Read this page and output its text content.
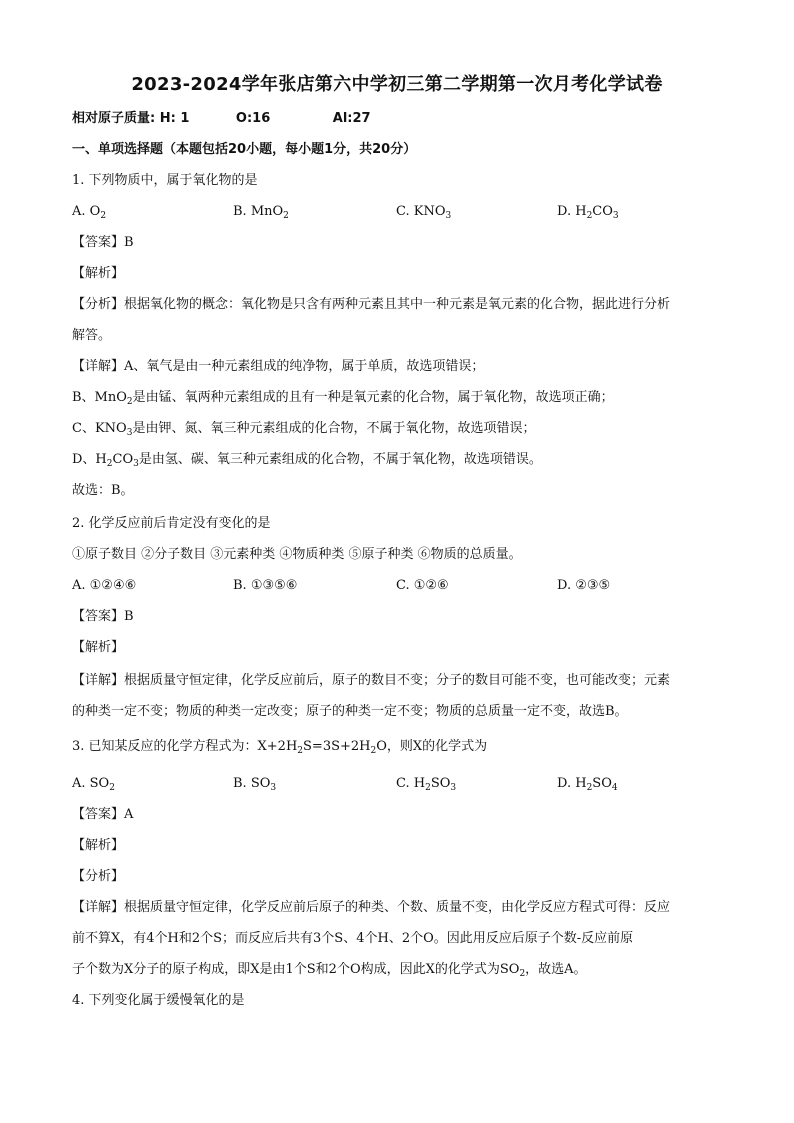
2023-2024学年张店第六中学初三第二学期第一次月考化学试卷
相对原子质量: H: 1	O:16	Al:27
一、单项选择题（本题包括20小题，每小题1分，共20分）
1. 下列物质中，属于氧化物的是
A. $O_2$	B. MnO$_2$	C. $KNO_3$	D. $H_2CO_3$
【答案】B
【解析】
【分析】根据氧化物的概念：氧化物是只含有两种元素且其中一种元素是氧元素的化合物，据此进行分析
解答。
【详解】A、氧气是由一种元素组成的纯净物，属于单质，故选项错误；
B、MnO$_2$是由锰、氧两种元素组成的且有一种是氧元素的化合物，属于氧化物，故选项正确；
C、$KNO_3$是由钾、氮、氧三种元素组成的化合物，不属于氧化物，故选项错误；
D、$H_2CO_3$是由氢、碳、氧三种元素组成的化合物，不属于氧化物，故选项错误。
故选：B。
2. 化学反应前后肯定没有变化的是
①原子数目 ②分子数目 ③元素种类 ④物质种类 ⑤原子种类 ⑥物质的总质量。
A. ①②④⑥	B. ①③⑤⑥	C. ①②⑥	D. ②③⑤
【答案】B
【解析】
【详解】根据质量守恒定律，化学反应前后，原子的数目不变；分子的数目可能不变，也可能改变；元素
的种类一定不变；物质的种类一定改变；原子的种类一定不变；物质的总质量一定不变，故选B。
3. 已知某反应的化学方程式为：$X+2H_2S=3S+2H_2O$，则X的化学式为
A. $SO_2$	B. $SO_3$	C. $H_2SO_3$	D. $H_2SO_4$
【答案】A
【解析】
【分析】
【详解】根据质量守恒定律，化学反应前后原子的种类、个数、质量不变，由化学反应方程式可得：反应
前不算X，有4个H和2个S；而反应后共有3个S、4个H、2个O。因此用反应后原子个数-反应前原
子个数为X分子的原子构成，即X是由1个S和2个O构成，因此X的化学式为$SO_2$，故选A。
4. 下列变化属于缓慢氧化的是
